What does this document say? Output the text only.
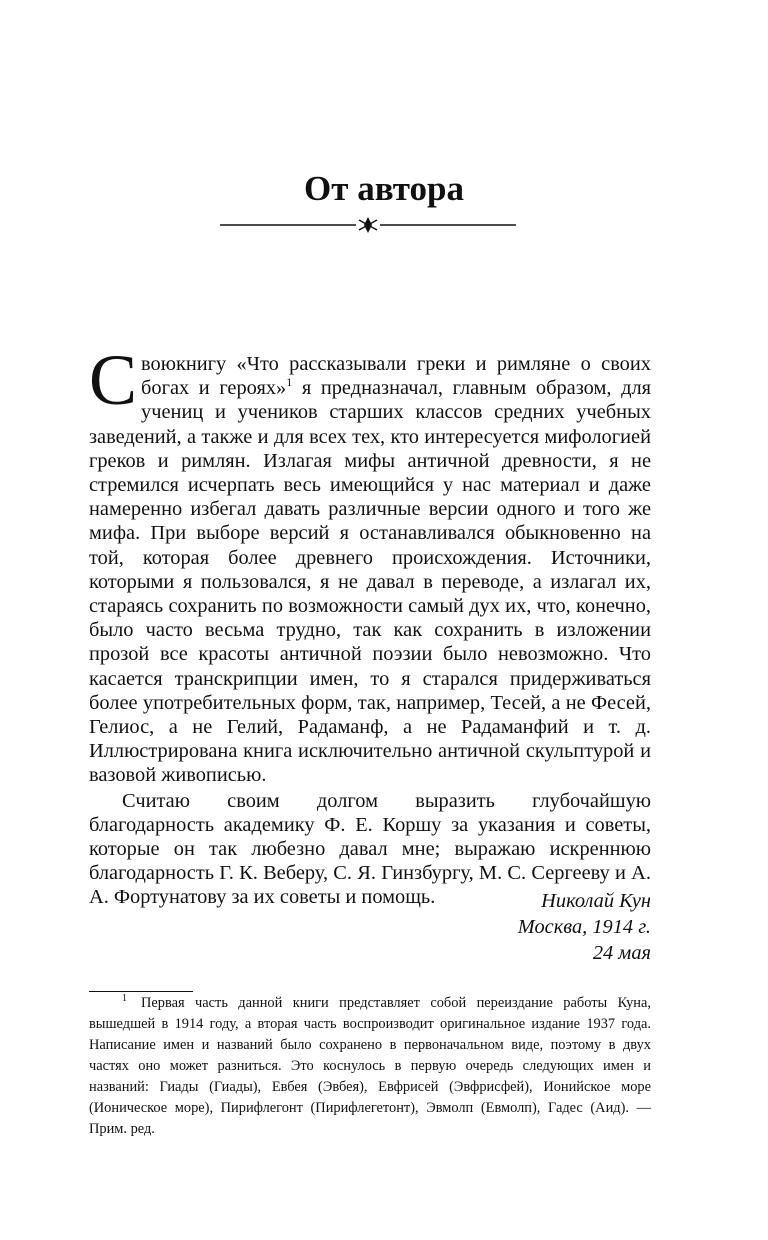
От автора

Своюкнигу «Что рассказывали греки и римляне о своих богах и героях»$^1$ я предназначал, главным образом, для учениц и учеников старших классов средних учебных заведений, а также и для всех тех, кто интересуется мифологией греков и римлян. Излагая мифы античной древности, я не стремился исчерпать весь имеющийся у нас материал и даже намеренно избегал давать различные версии одного и того же мифа. При выборе версий я останавливался обыкновенно на той, которая более древнего происхождения. Источники, которыми я пользовался, я не давал в переводе, а излагал их, стараясь сохранить по возможности самый дух их, что, конечно, было часто весьма трудно, так как сохранить в изложении прозой все красоты античной поэзии было невозможно. Что касается транскрипции имен, то я старался придерживаться более употребительных форм, так, например, Тесей, а не Фесей, Гелиос, а не Гелий, Радаманф, а не Радаманфий и т. д. Иллюстрирована книга исключительно античной скульптурой и вазовой живописью.

Считаю своим долгом выразить глубочайшую благодарность академику Ф. Е. Коршу за указания и советы, которые он так любезно давал мне; выражаю искреннюю благодарность Г. К. Веберу, С. Я. Гинзбургу, М. С. Сергееву и А. А. Фортунатову за их советы и помощь.	Николай Кун
Москва, 1914 г.
24 мая
$^1$ Первая часть данной книги представляет собой переиздание работы Куна, вышедшей в 1914 году, а вторая часть воспроизводит оригинальное издание 1937 года. Написание имен и названий было сохранено в первоначальном виде, поэтому в двух частях оно может разниться. Это коснулось в первую очередь следующих имен и названий: Гиады (Гиады), Евбея (Эвбея), Евфрисей (Эвфрисфей), Ионийское море (Ионическое море), Пирифлегонт (Пирифлегетонт), Эвмолп (Евмолп), Гадес (Аид). — Прим. ред.
